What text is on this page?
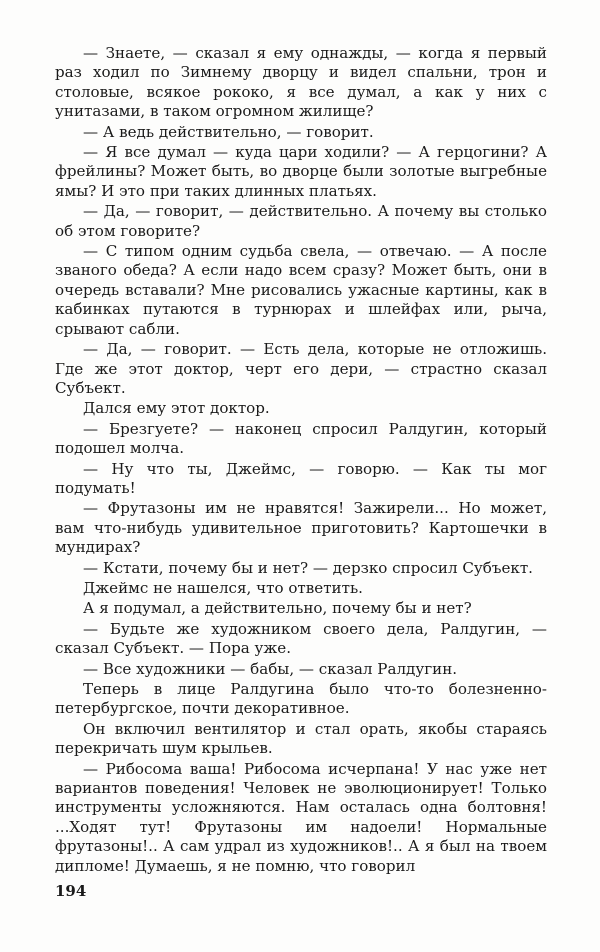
— Знаете, — сказал я ему однажды, — когда я первый раз ходил по Зимнему дворцу и видел спальни, трон и столовые, всякое рококо, я все думал, а как у них с унитазами, в таком огромном жилище?

— А ведь действительно, — говорит.

— Я все думал — куда цари ходили? — А герцогини? А фрейлины? Может быть, во дворце были золотые выгребные ямы? И это при таких длинных платьях.

— Да, — говорит, — действительно. А почему вы столько об этом говорите?

— С типом одним судьба свела, — отвечаю. — А после званого обеда? А если надо всем сразу? Может быть, они в очередь вставали? Мне рисовались ужасные картины, как в кабинках путаются в турнюрах и шлейфах или, рыча, срывают сабли.

— Да, — говорит. — Есть дела, которые не отложишь. Где же этот доктор, черт его дери, — страстно сказал Субъект.

Дался ему этот доктор.

— Брезгуете? — наконец спросил Ралдугин, который подошел молча.

— Ну что ты, Джеймс, — говорю. — Как ты мог подумать!

— Фрутазоны им не нравятся! Зажирели... Но может, вам что-нибудь удивительное приготовить? Картошечки в мундирах?

— Кстати, почему бы и нет? — дерзко спросил Субъект.

Джеймс не нашелся, что ответить.

А я подумал, а действительно, почему бы и нет?

— Будьте же художником своего дела, Ралдугин, — сказал Субъект. — Пора уже.

— Все художники — бабы, — сказал Ралдугин.

Теперь в лице Ралдугина было что-то болезненно-петербургское, почти декоративное.

Он включил вентилятор и стал орать, якобы стараясь перекричать шум крыльев.

— Рибосома ваша! Рибосома исчерпана! У нас уже нет вариантов поведения! Человек не эволюционирует! Только инструменты усложняются. Нам осталась одна болтовня! ...Ходят тут! Фрутазоны им надоели! Нормальные фрутазоны!.. А сам удрал из художников!.. А я был на твоем дипломе! Думаешь, я не помню, что говорил

194
